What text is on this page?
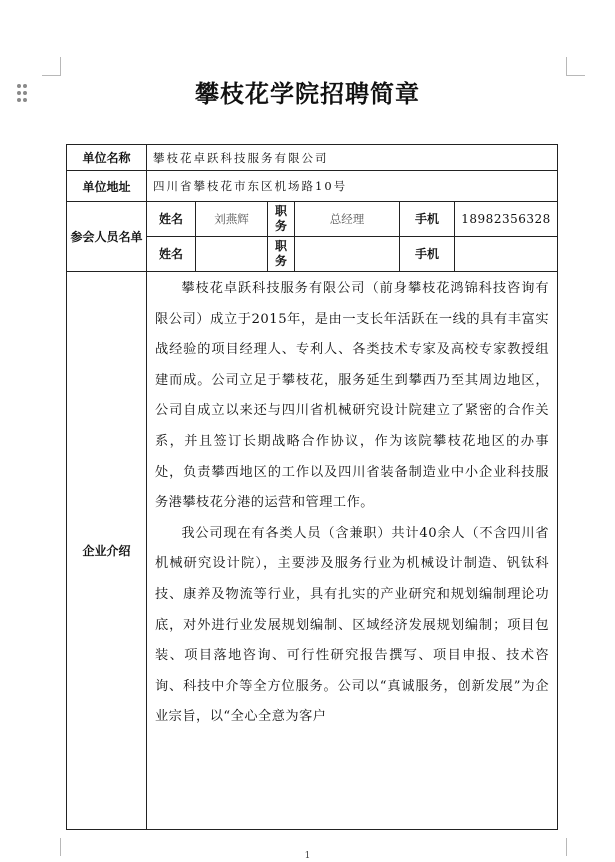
攀枝花学院招聘简章
单位名称	攀枝花卓跃科技服务有限公司					
单位地址	四川省攀枝花市东区机场路10号					
参会人员名单	姓名	刘燕辉	职务	总经理	手机	18982356328
	姓名		职务		手机	
企业介绍	攀枝花卓跃科技服务有限公司（前身攀枝花鸿锦科技咨询有限公司）成立于2015年，是由一支长年活跃在一线的具有丰富实战经验的项目经理人、专利人、各类技术专家及高校专家教授组建而成。公司立足于攀枝花，服务延生到攀西乃至其周边地区，公司自成立以来还与四川省机械研究设计院建立了紧密的合作关系，并且签订长期战略合作协议，作为该院攀枝花地区的办事处，负责攀西地区的工作以及四川省装备制造业中小企业科技服务港攀枝花分港的运营和管理工作。

我公司现在有各类人员（含兼职）共计40余人（不含四川省机械研究设计院），主要涉及服务行业为机械设计制造、钒钛科技、康养及物流等行业，具有扎实的产业研究和规划编制理论功底，对外进行业发展规划编制、区域经济发展规划编制；项目包装、项目落地咨询、可行性研究报告撰写、项目申报、技术咨询、科技中介等全方位服务。公司以“真诚服务，创新发展”为企业宗旨，以“全心全意为客户					

1
